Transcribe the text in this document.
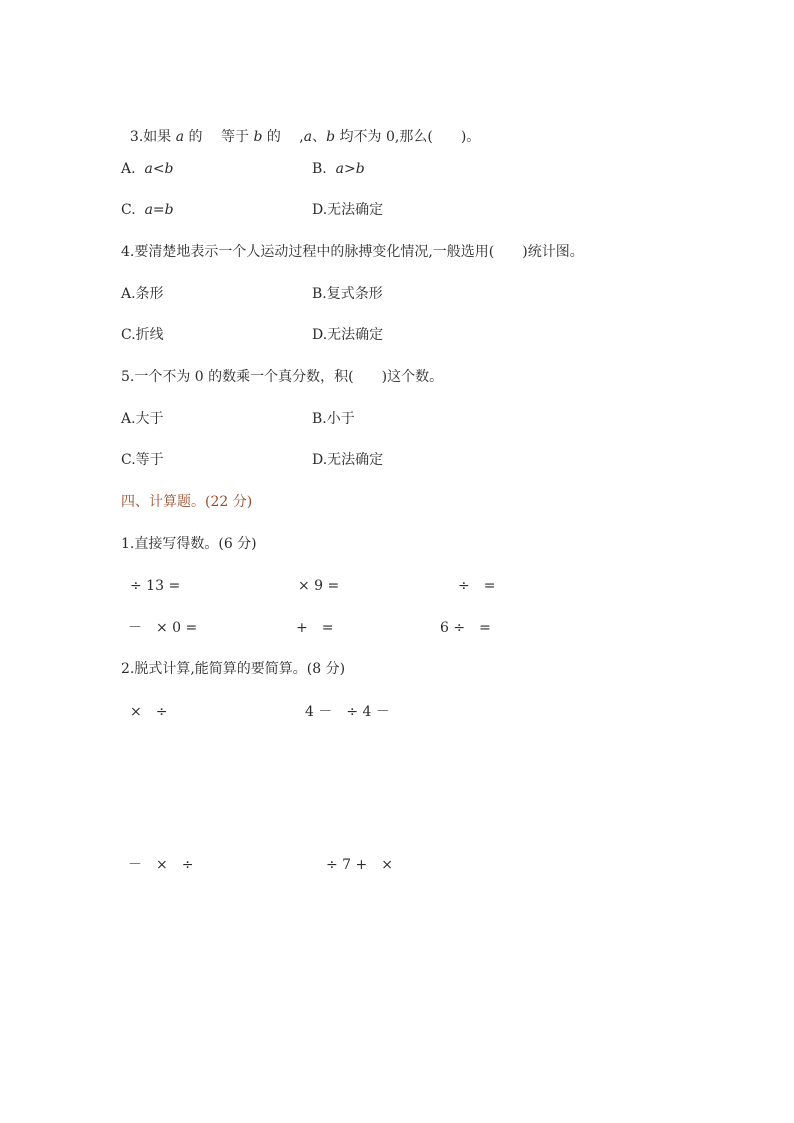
3.如果 a 的　 等于 b 的　 ,a、b 均不为 0,那么(　　)。

A.  a<b	B.  a>b
C.  a=b	D.无法确定
4.要清楚地表示一个人运动过程中的脉搏变化情况,一般选用(　　)统计图。
A.条形	B.复式条形
C.折线	D.无法确定
5.一个不为 0 的数乘一个真分数，积(　　)这个数。
A.大于	B.小于
C.等于	D.无法确定
四、计算题。(22 分)
1.直接写得数。(6 分)
÷ 13 =	× 9 =	÷　=
－　× 0 =	+　=	6 ÷　=
2.脱式计算,能简算的要简算。(8 分)
×　÷	4 －　÷ 4 －
－　×　÷	÷ 7 +　×
